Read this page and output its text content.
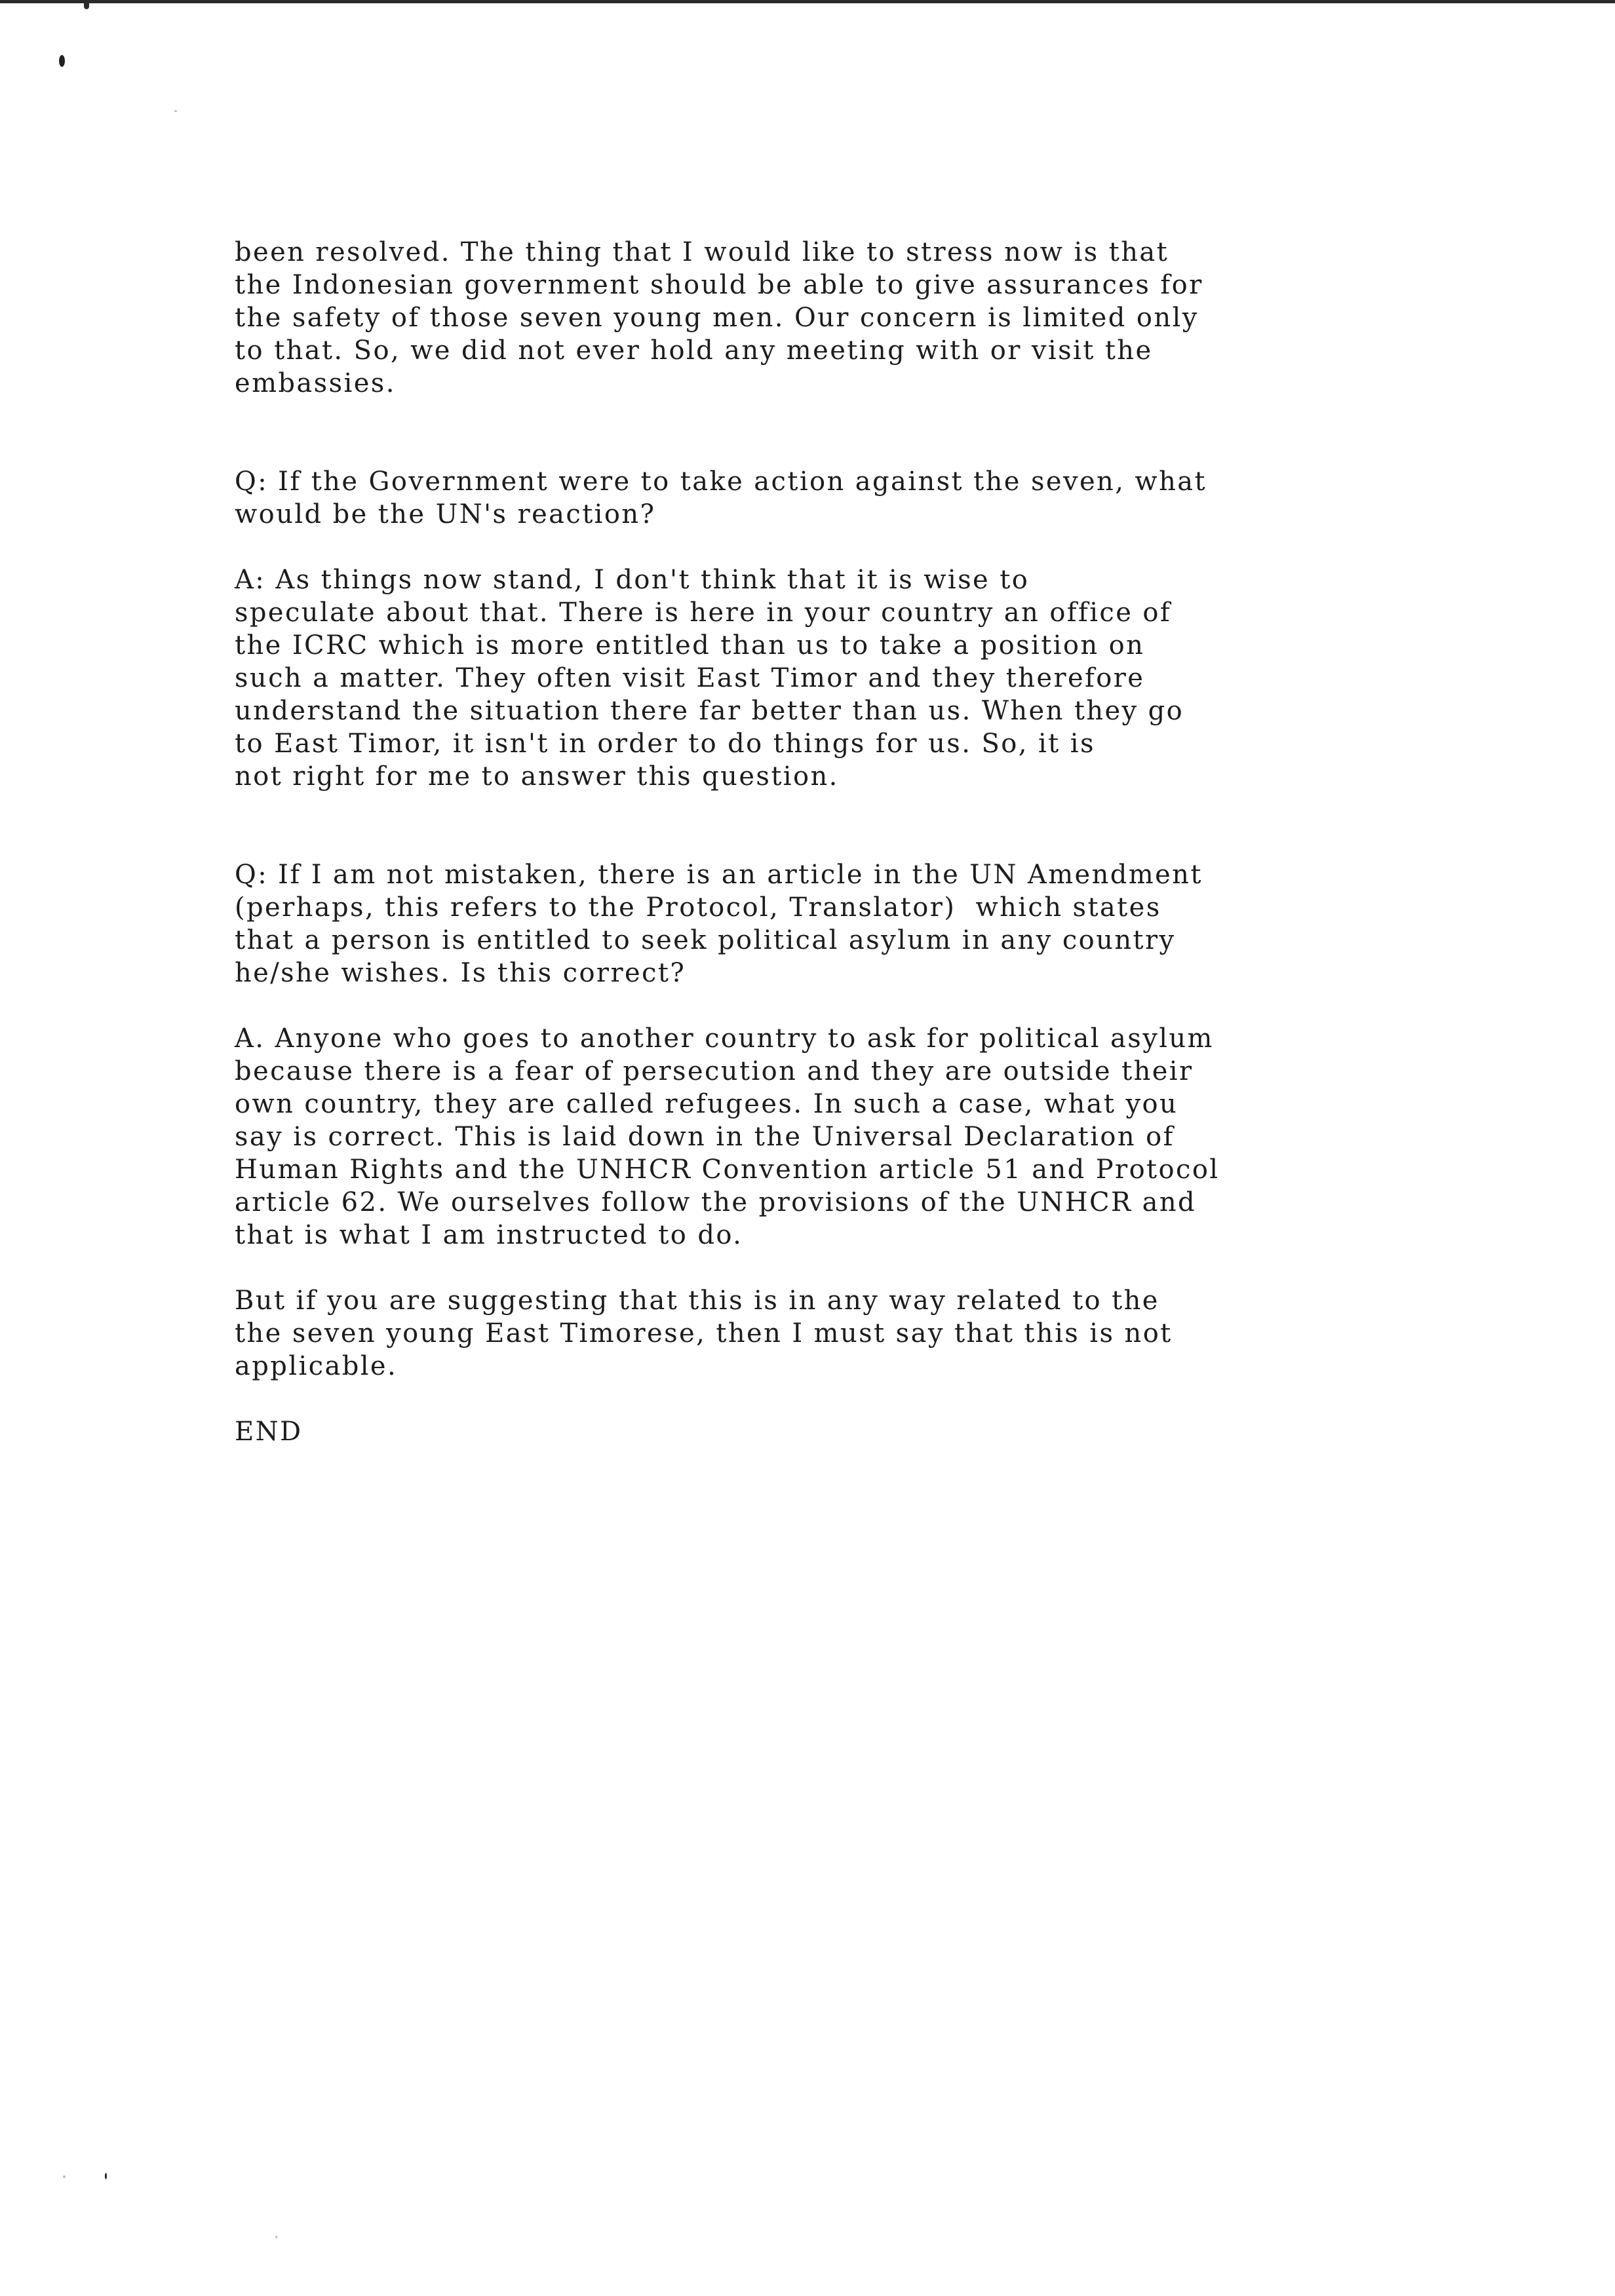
been resolved. The thing that I would like to stress now is that
the Indonesian government should be able to give assurances for
the safety of those seven young men. Our concern is limited only
to that. So, we did not ever hold any meeting with or visit the
embassies.
Q: If the Government were to take action against the seven, what
would be the UN's reaction?
A: As things now stand, I don't think that it is wise to
speculate about that. There is here in your country an office of
the ICRC which is more entitled than us to take a position on
such a matter. They often visit East Timor and they therefore
understand the situation there far better than us. When they go
to East Timor, it isn't in order to do things for us. So, it is
not right for me to answer this question.
Q: If I am not mistaken, there is an article in the UN Amendment
(perhaps, this refers to the Protocol, Translator)  which states
that a person is entitled to seek political asylum in any country
he/she wishes. Is this correct?
A. Anyone who goes to another country to ask for political asylum
because there is a fear of persecution and they are outside their
own country, they are called refugees. In such a case, what you
say is correct. This is laid down in the Universal Declaration of
Human Rights and the UNHCR Convention article 51 and Protocol
article 62. We ourselves follow the provisions of the UNHCR and
that is what I am instructed to do.
But if you are suggesting that this is in any way related to the
the seven young East Timorese, then I must say that this is not
applicable.
END
